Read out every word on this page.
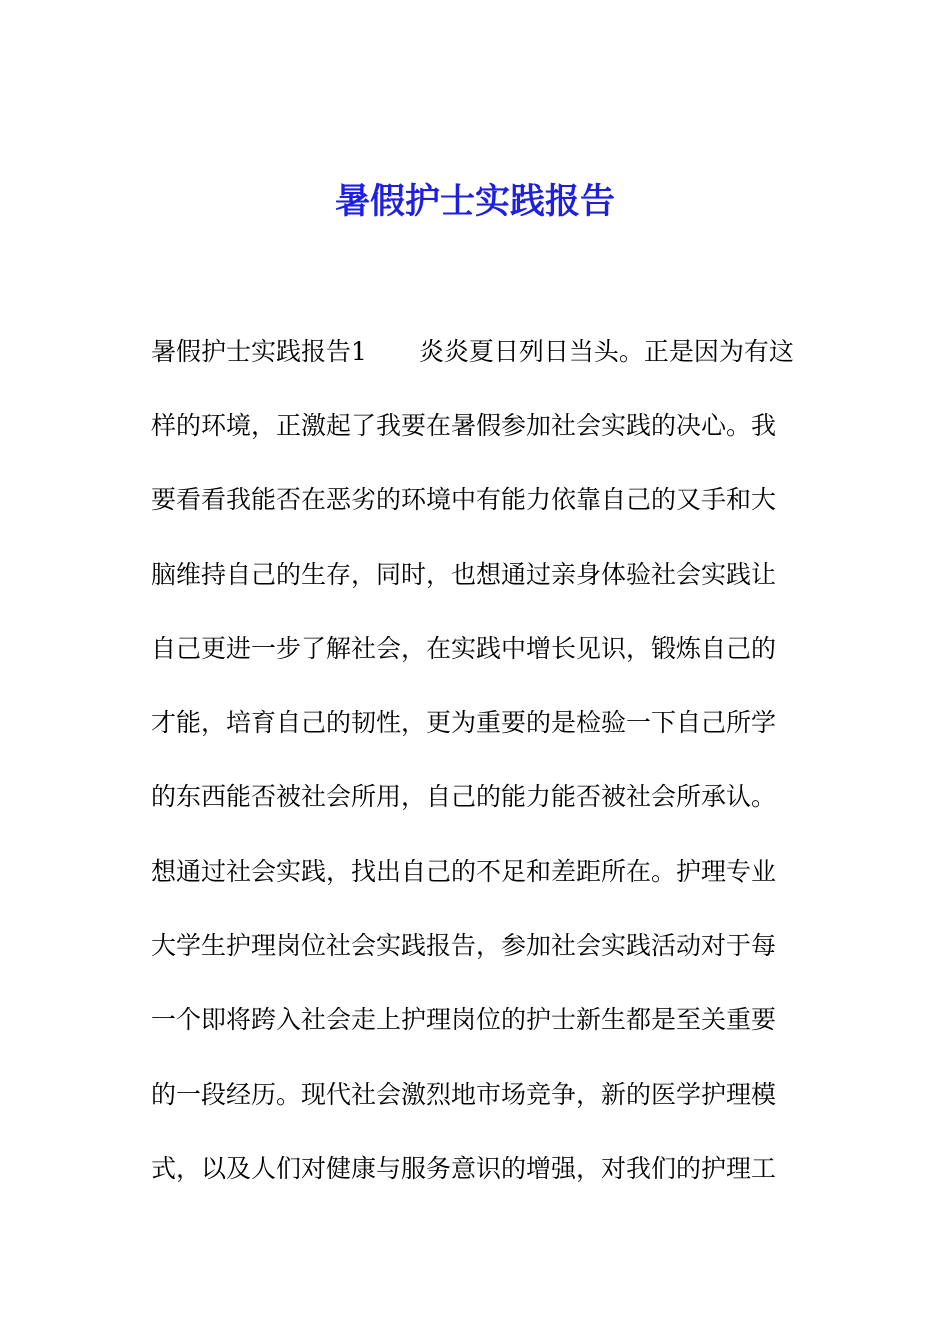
暑假护士实践报告

暑假护士实践报告1 炎炎夏日列日当头。正是因为有这

样的环境，正激起了我要在暑假参加社会实践的决心。我

要看看我能否在恶劣的环境中有能力依靠自己的又手和大

脑维持自己的生存，同时，也想通过亲身体验社会实践让

自己更进一步了解社会，在实践中增长见识，锻炼自己的

才能，培育自己的韧性，更为重要的是检验一下自己所学

的东西能否被社会所用，自己的能力能否被社会所承认。

想通过社会实践，找出自己的不足和差距所在。护理专业

大学生护理岗位社会实践报告，参加社会实践活动对于每

一个即将跨入社会走上护理岗位的护士新生都是至关重要

的一段经历。现代社会激烈地市场竞争，新的医学护理模

式，以及人们对健康与服务意识的增强，对我们的护理工
